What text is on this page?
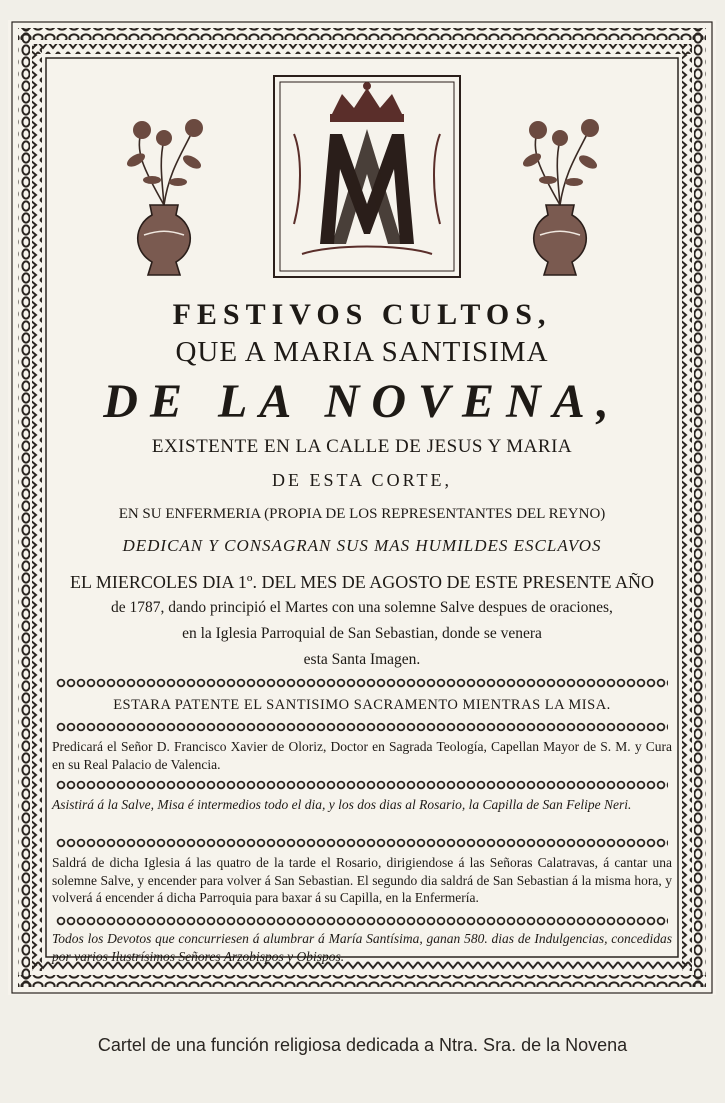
FESTIVOS CULTOS,
QUE A MARIA SANTISIMA
DE LA NOVENA,
EXISTENTE EN LA CALLE DE JESUS Y MARIA
DE ESTA CORTE,
EN SU ENFERMERIA (PROPIA DE LOS REPRESENTANTES DEL REYNO)
DEDICAN Y CONSAGRAN SUS MAS HUMILDES ESCLAVOS
EL MIERCOLES DIA 1º. DEL MES DE AGOSTO DE ESTE PRESENTE AÑO
de 1787, dando principió el Martes con una solemne Salve despues de oraciones,
en la Iglesia Parroquial de San Sebastian, donde se venera
esta Santa Imagen.
ESTARA PATENTE EL SANTISIMO SACRAMENTO MIENTRAS LA MISA.
Predicará el Señor D. Francisco Xavier de Oloriz, Doctor en Sagrada Teología, Capellan Mayor de S. M. y Cura en su Real Palacio de Valencia.
Asistirá á la Salve, Misa é intermedios todo el dia, y los dos dias al Rosario, la Capilla de San Felipe Neri.
Saldrá de dicha Iglesia á las quatro de la tarde el Rosario, dirigiendose á las Señoras Calatravas, á cantar una solemne Salve, y encender para volver á San Sebastian. El segundo dia saldrá de San Sebastian á la misma hora, y volverá á encender á dicha Parroquia para baxar á su Capilla, en la Enfermería.
Todos los Devotos que concurriesen á alumbrar á María Santísima, ganan 580. dias de Indulgencias, concedidas por varios Ilustrísimos Señores Arzobispos y Obispos.
Cartel de una función religiosa dedicada a Ntra. Sra. de la Novena
